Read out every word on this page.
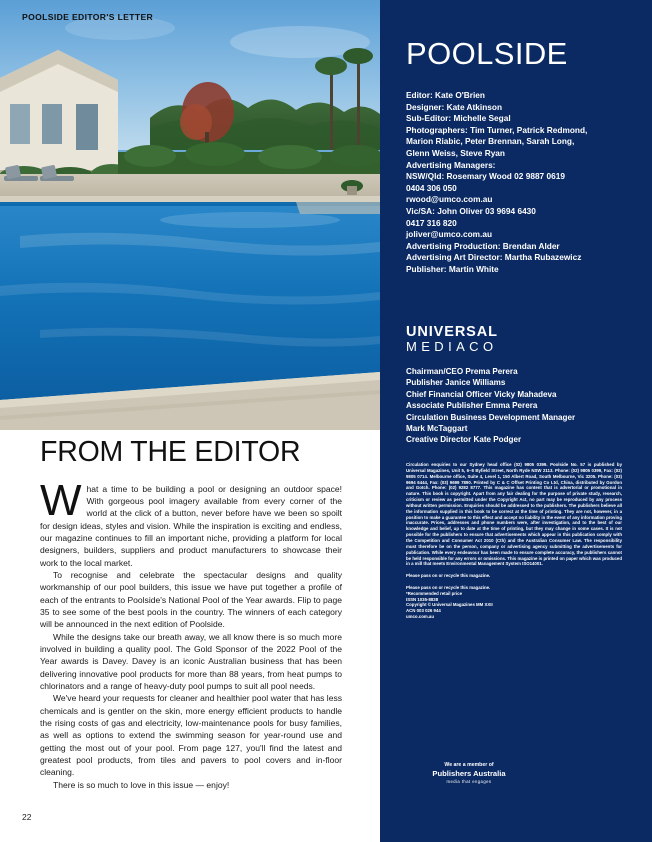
POOLSIDE EDITOR'S LETTER
FROM THE EDITOR

What a time to be building a pool or designing an outdoor space! With gorgeous pool imagery available from every corner of the world at the click of a button, never before have we been so spoilt for design ideas, styles and vision. While the inspiration is exciting and endless, our magazine continues to fill an important niche, providing a platform for local designers, builders, suppliers and product manufacturers to showcase their work to the local market.

To recognise and celebrate the spectacular designs and quality workmanship of our pool builders, this issue we have put together a profile of each of the entrants to Poolside's National Pool of the Year awards. Flip to page 35 to see some of the best pools in the country. The winners of each category will be announced in the next edition of Poolside.

While the designs take our breath away, we all know there is so much more involved in building a quality pool. The Gold Sponsor of the 2022 Pool of the Year awards is Davey. Davey is an iconic Australian business that has been delivering innovative pool products for more than 88 years, from heat pumps to chlorinators and a range of heavy-duty pool pumps to suit all pool needs.

We've heard your requests for cleaner and healthier pool water that has less chemicals and is gentler on the skin, more energy efficient products to handle the rising costs of gas and electricity, low-maintenance pools for busy families, as well as options to extend the swimming season for year-round use and getting the most out of your pool. From page 127, you'll find the latest and greatest pool products, from tiles and pavers to pool covers and in-floor cleaning.

There is so much to love in this issue — enjoy!

22
POOLSIDE
Editor: Kate O'Brien
Designer: Kate Atkinson
Sub-Editor: Michelle Segal
Photographers: Tim Turner, Patrick Redmond,
Marion Riabic, Peter Brennan, Sarah Long,
Glenn Weiss, Steve Ryan
Advertising Managers:
NSW/Qld: Rosemary Wood 02 9887 0619
0404 306 050
rwood@umco.com.au
Vic/SA: John Oliver 03 9694 6430
0417 316 820
joliver@umco.com.au
Advertising Production: Brendan Alder
Advertising Art Director: Martha Rubazewicz
Publisher: Martin White
UNIVERSAL
MEDIACO
Chairman/CEO Prema Perera
Publisher Janice Williams
Chief Financial Officer Vicky Mahadeva
Associate Publisher Emma Perera
Circulation Business Development Manager
Mark McTaggart
Creative Director Kate Podger

Circulation enquiries to our Sydney head office (02) 9805 0399. Poolside No. 57 is published by Universal Magazines, Unit 5, 6–8 Byfield Street, North Ryde NSW 2113. Phone: (02) 9805 0399, Fax: (02) 9805 0714. Melbourne office, Suite 4, Level 1, 150 Albert Road, South Melbourne, Vic 3205. Phone: (03) 9694 6444, Fax: (03) 9699 7890. Printed by C & C Offset Printing Co Ltd, China, distributed by Gordon and Gotch. Phone: (02) 9282 8777. This magazine has content that is advertorial or promotional in nature. This book is copyright. Apart from any fair dealing for the purpose of private study, research, criticism or review as permitted under the Copyright Act, no part may be reproduced by any process without written permission. Enquiries should be addressed to the publishers. The publishers believe all the information supplied in this book to be correct at the time of printing. They are not, however, in a position to make a guarantee to this effect and accept no liability in the event of any information proving inaccurate. Prices, addresses and phone numbers were, after investigation, and to the best of our knowledge and belief, up to date at the time of printing, but they may change in some cases. It is not possible for the publishers to ensure that advertisements which appear in this publication comply with the Competition and Consumer Act 2010 (Cth) and the Australian Consumer Law. The responsibility must therefore be on the person, company or advertising agency submitting the advertisements for publication. While every endeavour has been made to ensure complete accuracy, the publishers cannot be held responsible for any errors or omissions. This magazine is printed on paper which was produced in a mill that meets Environmental Management System ISO14001.

Please pass on or recycle this magazine.

Please pass on or recycle this magazine.
*Recommended retail price
ISSN 1035-8838
Copyright © Universal Magazines MM XXII
ACN 003 026 944
umco.com.au
We are a member of
Publishers Australia
media that engages
